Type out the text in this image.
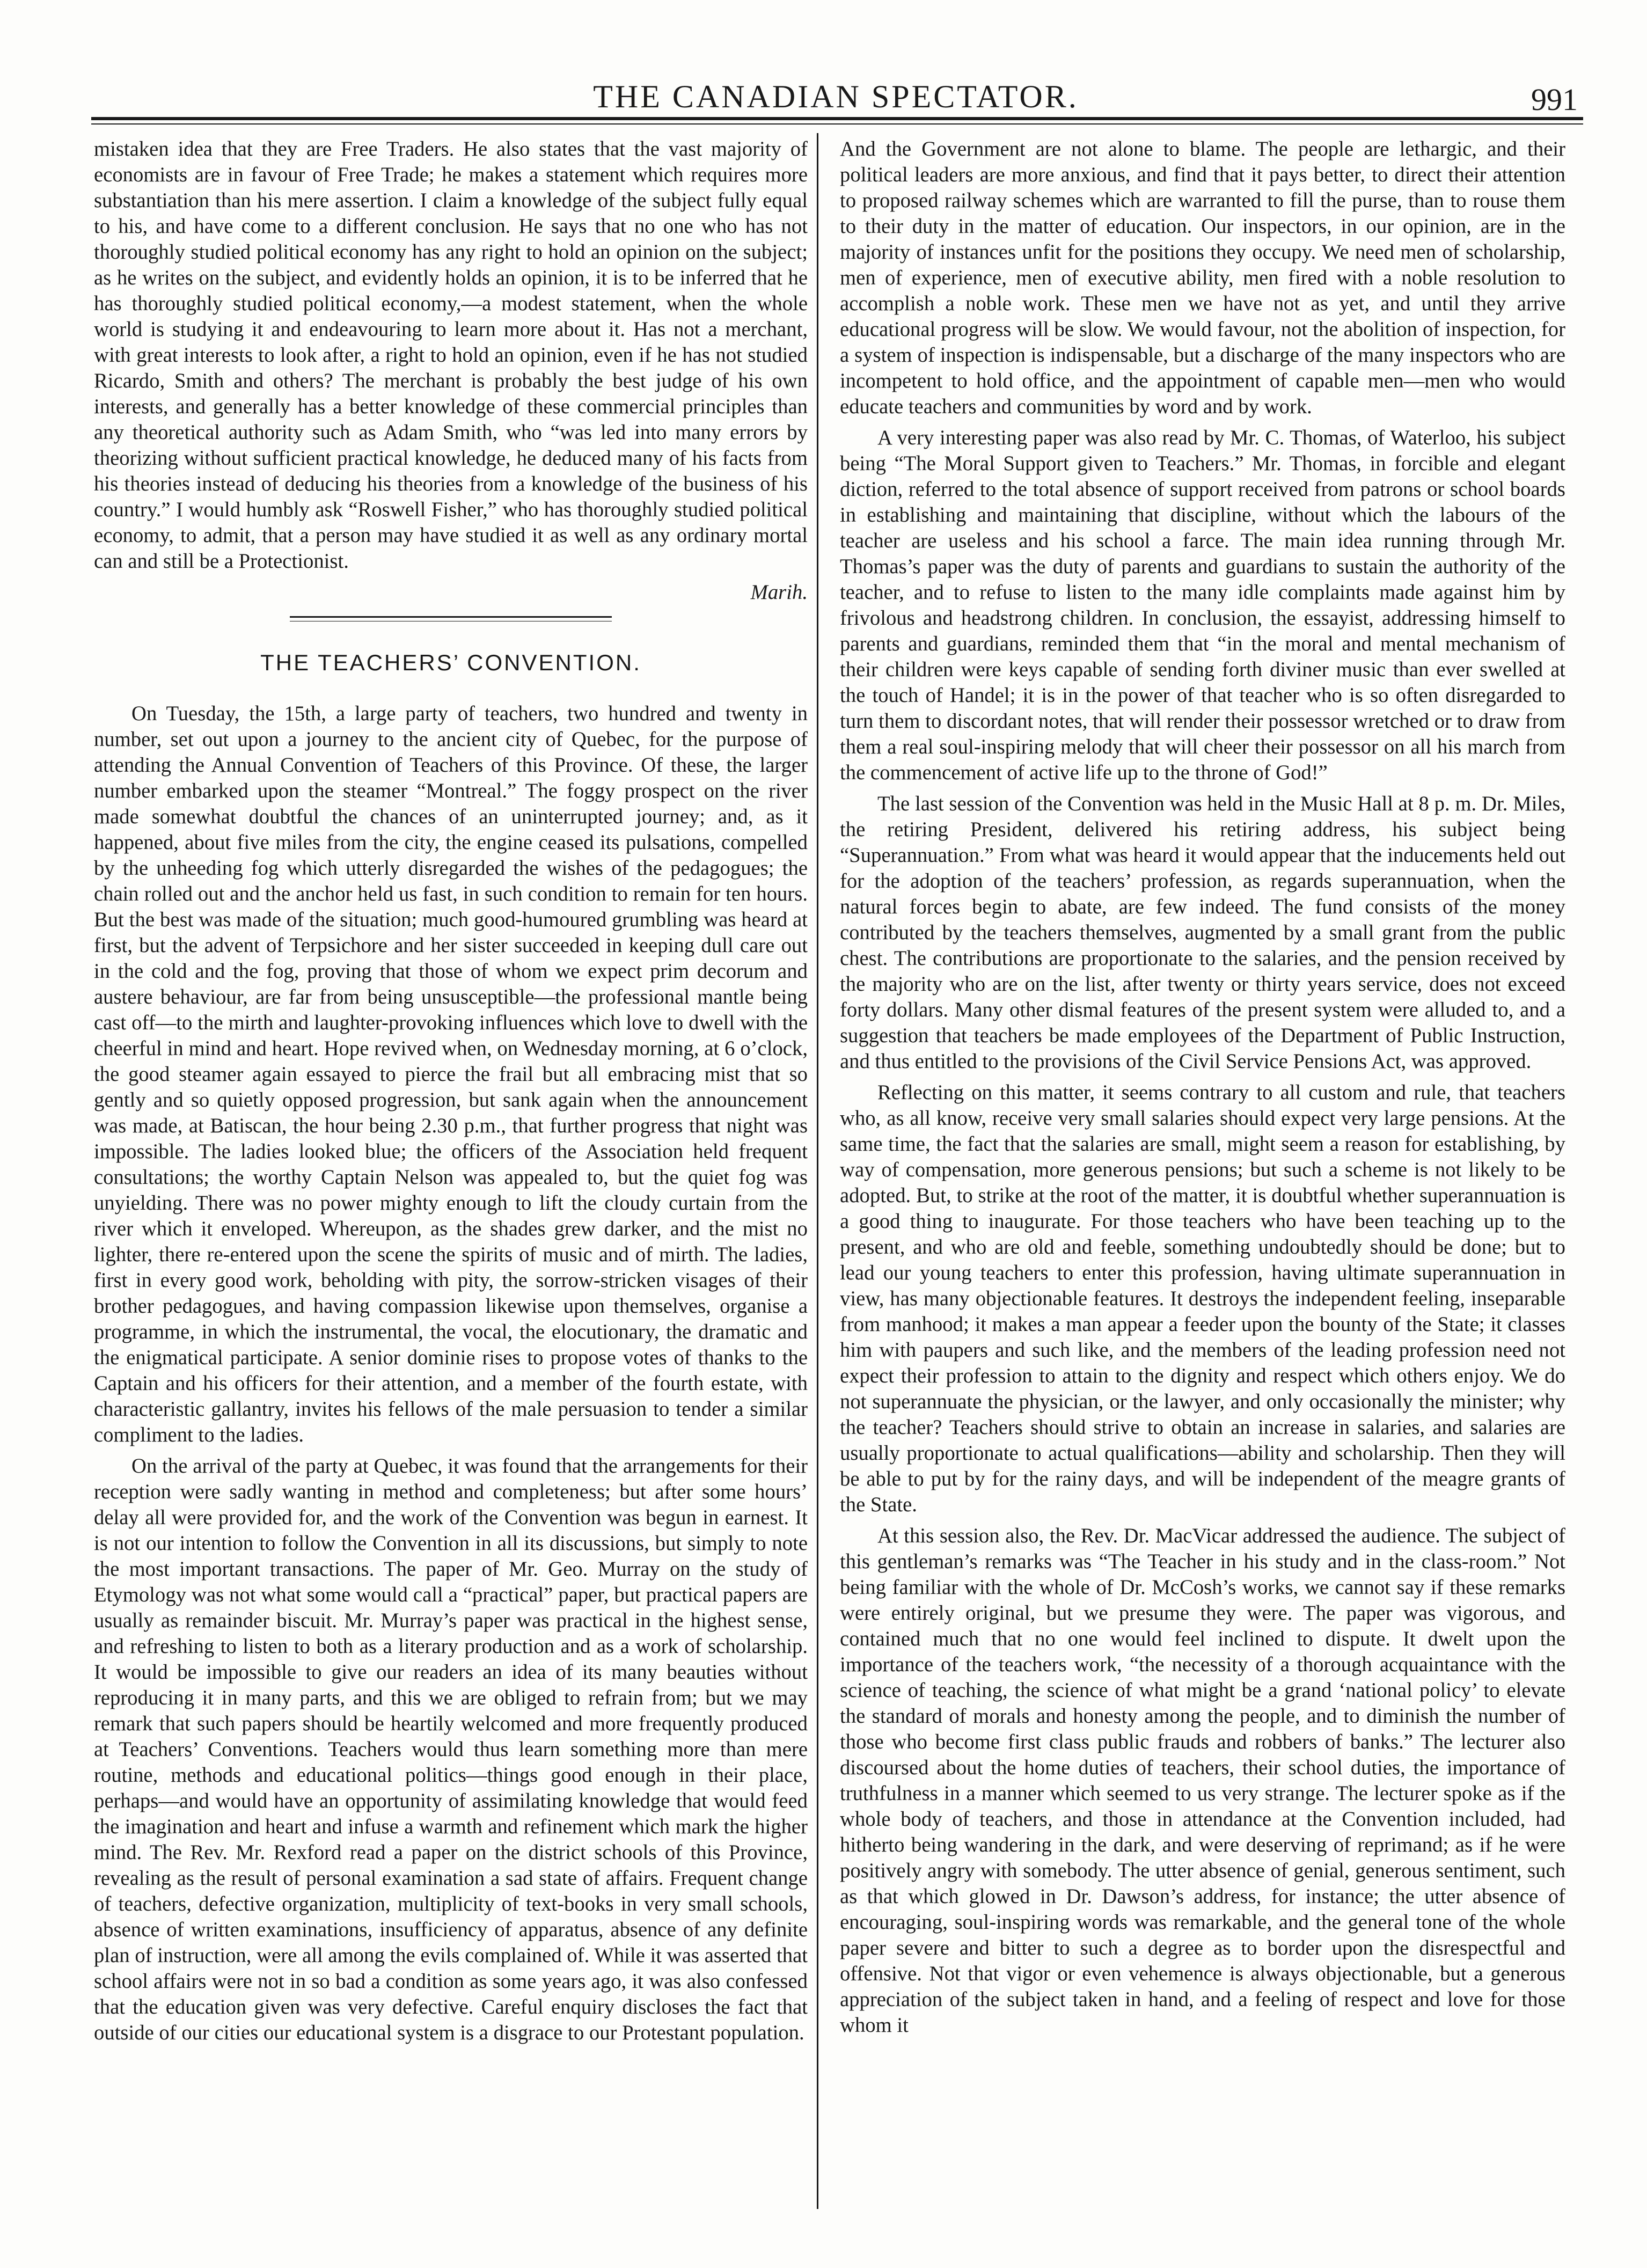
THE CANADIAN SPECTATOR.	991

mistaken idea that they are Free Traders. He also states that the vast majority of economists are in favour of Free Trade; he makes a statement which requires more substantiation than his mere assertion. I claim a knowledge of the subject fully equal to his, and have come to a different conclusion. He says that no one who has not thoroughly studied political economy has any right to hold an opinion on the subject; as he writes on the subject, and evidently holds an opinion, it is to be inferred that he has thoroughly studied political economy,—a modest statement, when the whole world is studying it and endeavouring to learn more about it. Has not a merchant, with great interests to look after, a right to hold an opinion, even if he has not studied Ricardo, Smith and others? The merchant is probably the best judge of his own interests, and generally has a better knowledge of these commercial principles than any theoretical authority such as Adam Smith, who “was led into many errors by theorizing without sufficient practical knowledge, he deduced many of his facts from his theories instead of deducing his theories from a knowledge of the business of his country.” I would humbly ask “Roswell Fisher,” who has thoroughly studied political economy, to admit, that a person may have studied it as well as any ordinary mortal can and still be a Protectionist.

Marih.

THE TEACHERS’ CONVENTION.

On Tuesday, the 15th, a large party of teachers, two hundred and twenty in number, set out upon a journey to the ancient city of Quebec, for the purpose of attending the Annual Convention of Teachers of this Province. Of these, the larger number embarked upon the steamer “Montreal.” The foggy prospect on the river made somewhat doubtful the chances of an uninterrupted journey; and, as it happened, about five miles from the city, the engine ceased its pulsations, compelled by the unheeding fog which utterly disregarded the wishes of the pedagogues; the chain rolled out and the anchor held us fast, in such condition to remain for ten hours. But the best was made of the situation; much good-humoured grumbling was heard at first, but the advent of Terpsichore and her sister succeeded in keeping dull care out in the cold and the fog, proving that those of whom we expect prim decorum and austere behaviour, are far from being unsusceptible—the professional mantle being cast off—to the mirth and laughter-provoking influences which love to dwell with the cheerful in mind and heart. Hope revived when, on Wednesday morning, at 6 o’clock, the good steamer again essayed to pierce the frail but all embracing mist that so gently and so quietly opposed progression, but sank again when the announcement was made, at Batiscan, the hour being 2.30 p.m., that further progress that night was impossible. The ladies looked blue; the officers of the Association held frequent consultations; the worthy Captain Nelson was appealed to, but the quiet fog was unyielding. There was no power mighty enough to lift the cloudy curtain from the river which it enveloped. Whereupon, as the shades grew darker, and the mist no lighter, there re-entered upon the scene the spirits of music and of mirth. The ladies, first in every good work, beholding with pity, the sorrow-stricken visages of their brother pedagogues, and having compassion likewise upon themselves, organise a programme, in which the instrumental, the vocal, the elocutionary, the dramatic and the enigmatical participate. A senior dominie rises to propose votes of thanks to the Captain and his officers for their attention, and a member of the fourth estate, with characteristic gallantry, invites his fellows of the male persuasion to tender a similar compliment to the ladies.

On the arrival of the party at Quebec, it was found that the arrangements for their reception were sadly wanting in method and completeness; but after some hours’ delay all were provided for, and the work of the Convention was begun in earnest. It is not our intention to follow the Convention in all its discussions, but simply to note the most important transactions. The paper of Mr. Geo. Murray on the study of Etymology was not what some would call a “practical” paper, but practical papers are usually as remainder biscuit. Mr. Murray’s paper was practical in the highest sense, and refreshing to listen to both as a literary production and as a work of scholarship. It would be impossible to give our readers an idea of its many beauties without reproducing it in many parts, and this we are obliged to refrain from; but we may remark that such papers should be heartily welcomed and more frequently produced at Teachers’ Conventions. Teachers would thus learn something more than mere routine, methods and educational politics—things good enough in their place, perhaps—and would have an opportunity of assimilating knowledge that would feed the imagination and heart and infuse a warmth and refinement which mark the higher mind. The Rev. Mr. Rexford read a paper on the district schools of this Province, revealing as the result of personal examination a sad state of affairs. Frequent change of teachers, defective organization, multiplicity of text-books in very small schools, absence of written examinations, insufficiency of apparatus, absence of any definite plan of instruction, were all among the evils complained of. While it was asserted that school affairs were not in so bad a condition as some years ago, it was also confessed that the education given was very defective. Careful enquiry discloses the fact that outside of our cities our educational system is a disgrace to our Protestant population.

And the Government are not alone to blame. The people are lethargic, and their political leaders are more anxious, and find that it pays better, to direct their attention to proposed railway schemes which are warranted to fill the purse, than to rouse them to their duty in the matter of education. Our inspectors, in our opinion, are in the majority of instances unfit for the positions they occupy. We need men of scholarship, men of experience, men of executive ability, men fired with a noble resolution to accomplish a noble work. These men we have not as yet, and until they arrive educational progress will be slow. We would favour, not the abolition of inspection, for a system of inspection is indispensable, but a discharge of the many inspectors who are incompetent to hold office, and the appointment of capable men—men who would educate teachers and communities by word and by work.

A very interesting paper was also read by Mr. C. Thomas, of Waterloo, his subject being “The Moral Support given to Teachers.” Mr. Thomas, in forcible and elegant diction, referred to the total absence of support received from patrons or school boards in establishing and maintaining that discipline, without which the labours of the teacher are useless and his school a farce. The main idea running through Mr. Thomas’s paper was the duty of parents and guardians to sustain the authority of the teacher, and to refuse to listen to the many idle complaints made against him by frivolous and headstrong children. In conclusion, the essayist, addressing himself to parents and guardians, reminded them that “in the moral and mental mechanism of their children were keys capable of sending forth diviner music than ever swelled at the touch of Handel; it is in the power of that teacher who is so often disregarded to turn them to discordant notes, that will render their possessor wretched or to draw from them a real soul-inspiring melody that will cheer their possessor on all his march from the commencement of active life up to the throne of God!”

The last session of the Convention was held in the Music Hall at 8 p. m. Dr. Miles, the retiring President, delivered his retiring address, his subject being “Superannuation.” From what was heard it would appear that the inducements held out for the adoption of the teachers’ profession, as regards superannuation, when the natural forces begin to abate, are few indeed. The fund consists of the money contributed by the teachers themselves, augmented by a small grant from the public chest. The contributions are proportionate to the salaries, and the pension received by the majority who are on the list, after twenty or thirty years service, does not exceed forty dollars. Many other dismal features of the present system were alluded to, and a suggestion that teachers be made employees of the Department of Public Instruction, and thus entitled to the provisions of the Civil Service Pensions Act, was approved.

Reflecting on this matter, it seems contrary to all custom and rule, that teachers who, as all know, receive very small salaries should expect very large pensions. At the same time, the fact that the salaries are small, might seem a reason for establishing, by way of compensation, more generous pensions; but such a scheme is not likely to be adopted. But, to strike at the root of the matter, it is doubtful whether superannuation is a good thing to inaugurate. For those teachers who have been teaching up to the present, and who are old and feeble, something undoubtedly should be done; but to lead our young teachers to enter this profession, having ultimate superannuation in view, has many objectionable features. It destroys the independent feeling, inseparable from manhood; it makes a man appear a feeder upon the bounty of the State; it classes him with paupers and such like, and the members of the leading profession need not expect their profession to attain to the dignity and respect which others enjoy. We do not superannuate the physician, or the lawyer, and only occasionally the minister; why the teacher? Teachers should strive to obtain an increase in salaries, and salaries are usually proportionate to actual qualifications—ability and scholarship. Then they will be able to put by for the rainy days, and will be independent of the meagre grants of the State.

At this session also, the Rev. Dr. MacVicar addressed the audience. The subject of this gentleman’s remarks was “The Teacher in his study and in the class-room.” Not being familiar with the whole of Dr. McCosh’s works, we cannot say if these remarks were entirely original, but we presume they were. The paper was vigorous, and contained much that no one would feel inclined to dispute. It dwelt upon the importance of the teachers work, “the necessity of a thorough acquaintance with the science of teaching, the science of what might be a grand ‘national policy’ to elevate the standard of morals and honesty among the people, and to diminish the number of those who become first class public frauds and robbers of banks.” The lecturer also discoursed about the home duties of teachers, their school duties, the importance of truthfulness in a manner which seemed to us very strange. The lecturer spoke as if the whole body of teachers, and those in attendance at the Convention included, had hitherto being wandering in the dark, and were deserving of reprimand; as if he were positively angry with somebody. The utter absence of genial, generous sentiment, such as that which glowed in Dr. Dawson’s address, for instance; the utter absence of encouraging, soul-inspiring words was remarkable, and the general tone of the whole paper severe and bitter to such a degree as to border upon the disrespectful and offensive. Not that vigor or even vehemence is always objectionable, but a generous appreciation of the subject taken in hand, and a feeling of respect and love for those whom it
